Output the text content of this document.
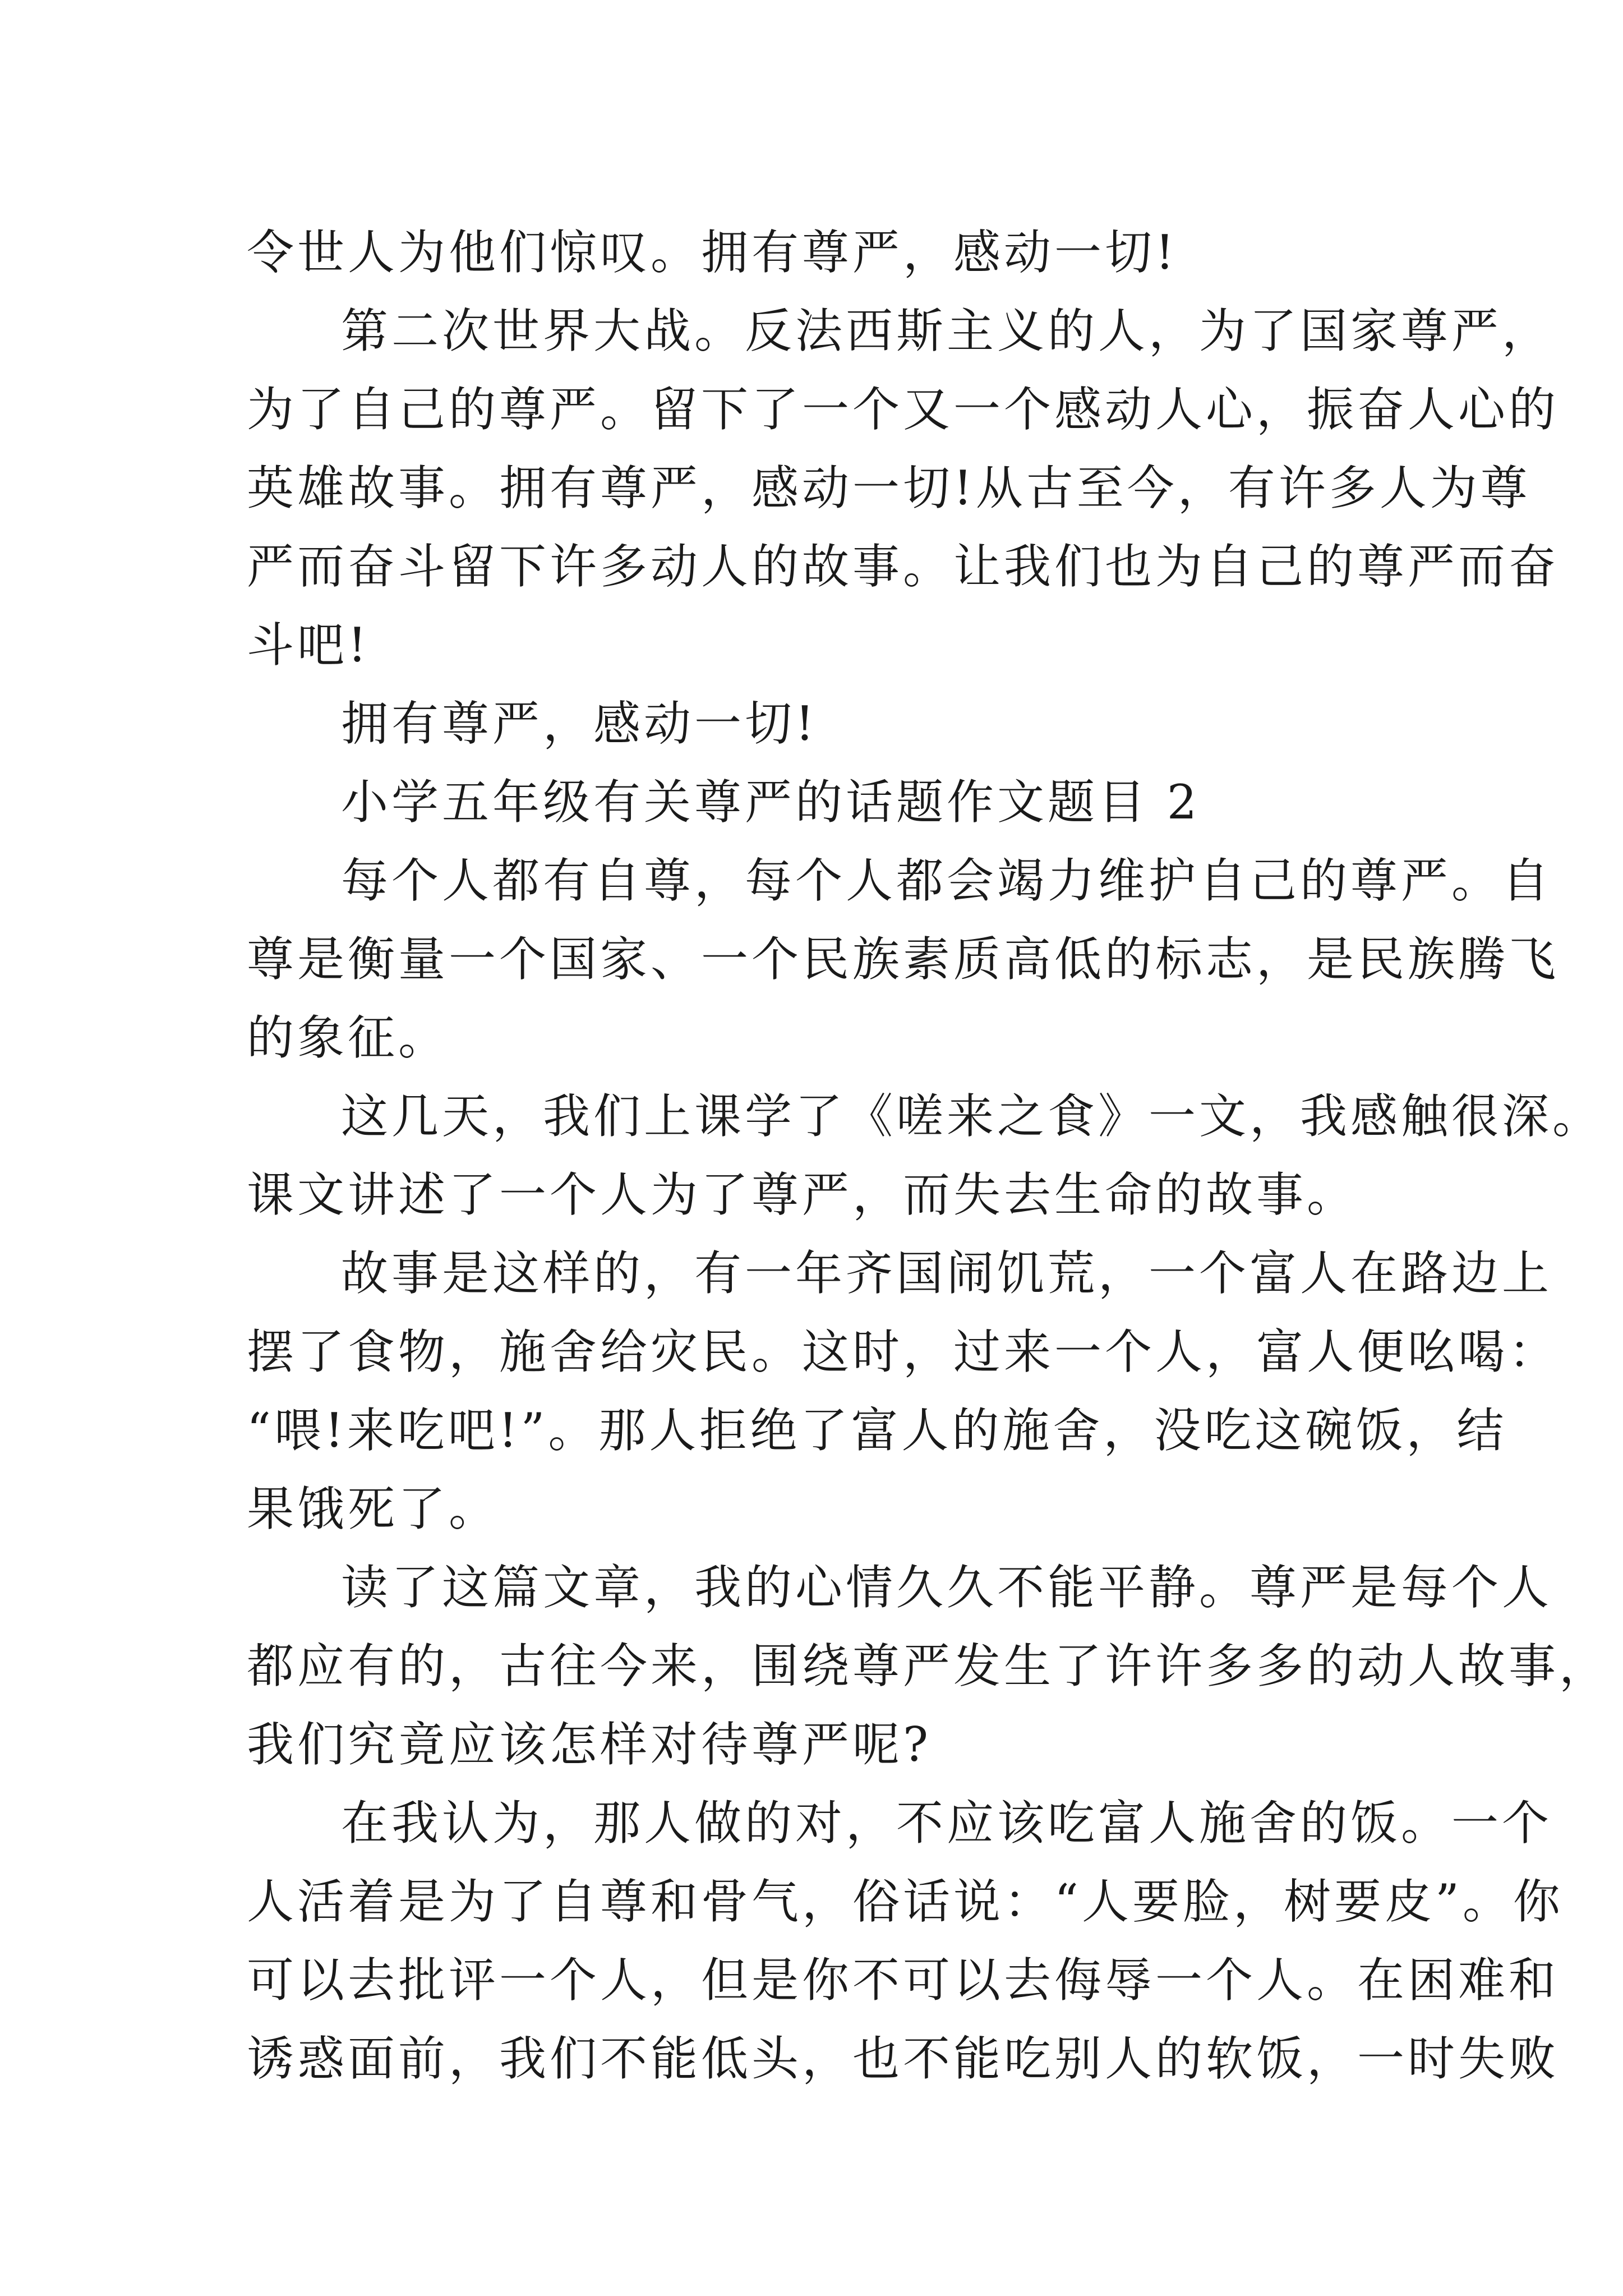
令世人为他们惊叹。拥有尊严，感动一切!
第二次世界大战。反法西斯主义的人，为了国家尊严，
为了自己的尊严。留下了一个又一个感动人心，振奋人心的
英雄故事。拥有尊严，感动一切!从古至今，有许多人为尊
严而奋斗留下许多动人的故事。让我们也为自己的尊严而奋
斗吧!
拥有尊严，感动一切!
小学五年级有关尊严的话题作文题目 2
每个人都有自尊，每个人都会竭力维护自己的尊严。自
尊是衡量一个国家、一个民族素质高低的标志，是民族腾飞
的象征。
这几天，我们上课学了《嗟来之食》一文，我感触很深。
课文讲述了一个人为了尊严，而失去生命的故事。
故事是这样的，有一年齐国闹饥荒，一个富人在路边上
摆了食物，施舍给灾民。这时，过来一个人，富人便吆喝：
“喂!来吃吧!”。那人拒绝了富人的施舍，没吃这碗饭，结
果饿死了。
读了这篇文章，我的心情久久不能平静。尊严是每个人
都应有的，古往今来，围绕尊严发生了许许多多的动人故事，
我们究竟应该怎样对待尊严呢?
在我认为，那人做的对，不应该吃富人施舍的饭。一个
人活着是为了自尊和骨气，俗话说：“人要脸，树要皮”。你
可以去批评一个人，但是你不可以去侮辱一个人。在困难和
诱惑面前，我们不能低头，也不能吃别人的软饭，一时失败
